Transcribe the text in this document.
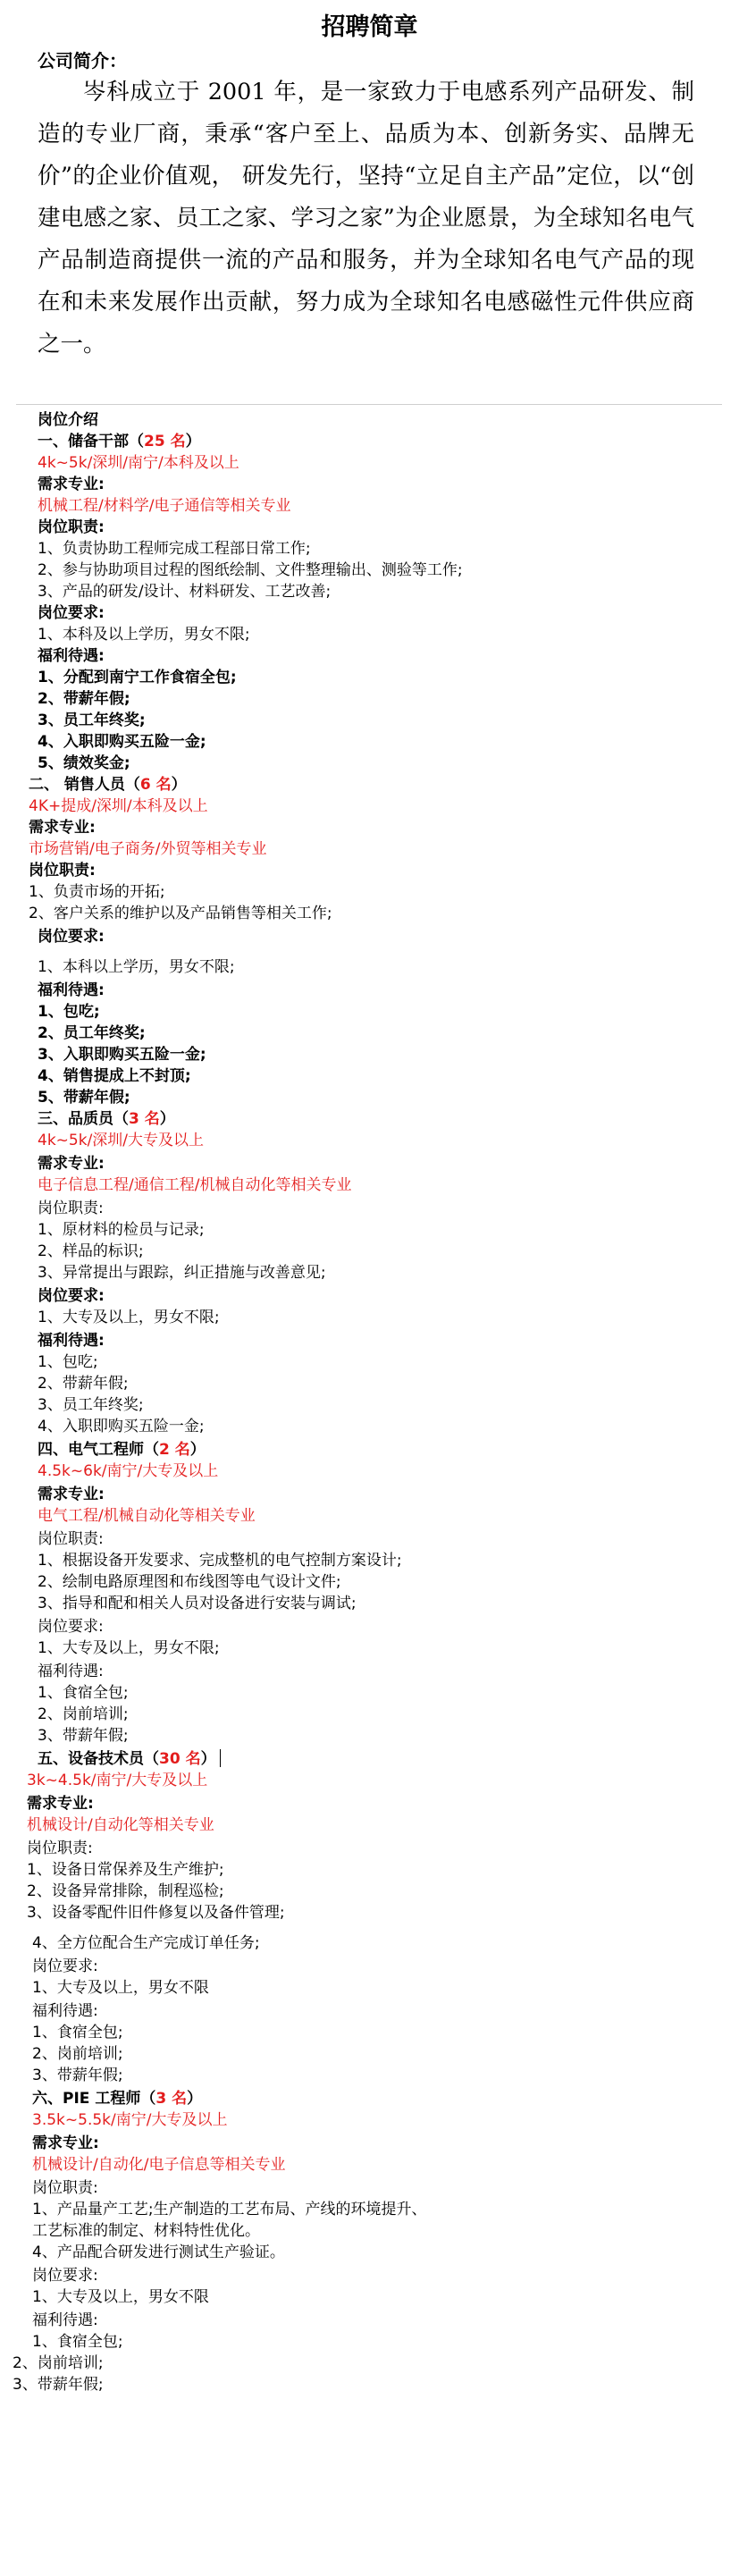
招聘简章
公司简介：
岑科成立于 2001 年，是一家致力于电感系列产品研发、制造的专业厂商，秉承“客户至上、品质为本、创新务实、品牌无价”的企业价值观， 研发先行，坚持“立足自主产品”定位，以“创建电感之家、员工之家、学习之家”为企业愿景，为全球知名电气产品制造商提供一流的产品和服务，并为全球知名电气产品的现在和未来发展作出贡献，努力成为全球知名电感磁性元件供应商之一。
岗位介绍
一、储备干部（25 名）
4k~5k/深圳/南宁/本科及以上
需求专业:
机械工程/材料学/电子通信等相关专业
岗位职责:
1、负责协助工程师完成工程部日常工作;
2、参与协助项目过程的图纸绘制、文件整理输出、测验等工作;
3、产品的研发/设计、材料研发、工艺改善;
岗位要求:
1、本科及以上学历，男女不限;
福利待遇:
1、分配到南宁工作食宿全包;
2、带薪年假;
3、员工年终奖;
4、入职即购买五险一金;
5、绩效奖金;
二、 销售人员（6 名）
4K+提成/深圳/本科及以上
需求专业:
市场营销/电子商务/外贸等相关专业
岗位职责:
1、负责市场的开拓;
2、客户关系的维护以及产品销售等相关工作;
岗位要求:
1、本科以上学历，男女不限;
福利待遇:
1、包吃;
2、员工年终奖;
3、入职即购买五险一金;
4、销售提成上不封顶;
5、带薪年假;
三、品质员（3 名）
4k~5k/深圳/大专及以上
需求专业:
电子信息工程/通信工程/机械自动化等相关专业
岗位职责:
1、原材料的检员与记录;
2、样品的标识;
3、异常提出与跟踪，纠正措施与改善意见;
岗位要求:
1、大专及以上，男女不限;
福利待遇:
1、包吃;
2、带薪年假;
3、员工年终奖;
4、入职即购买五险一金;
四、电气工程师（2 名）
4.5k~6k/南宁/大专及以上
需求专业:
电气工程/机械自动化等相关专业
岗位职责:
1、根据设备开发要求、完成整机的电气控制方案设计;
2、绘制电路原理图和布线图等电气设计文件;
3、指导和配和相关人员对设备进行安装与调试;
岗位要求:
1、大专及以上，男女不限;
福利待遇:
1、食宿全包;
2、岗前培训;
3、带薪年假;
五、设备技术员（30 名）
3k~4.5k/南宁/大专及以上
需求专业:
机械设计/自动化等相关专业
岗位职责:
1、设备日常保养及生产维护;
2、设备异常排除，制程巡检;
3、设备零配件旧件修复以及备件管理;
4、全方位配合生产完成订单任务;
岗位要求:
1、大专及以上，男女不限
福利待遇:
1、食宿全包;
2、岗前培训;
3、带薪年假;
六、PIE 工程师（3 名）
3.5k~5.5k/南宁/大专及以上
需求专业:
机械设计/自动化/电子信息等相关专业
岗位职责:
1、产品量产工艺;生产制造的工艺布局、产线的环境提升、
工艺标准的制定、材料特性优化。
4、产品配合研发进行测试生产验证。
岗位要求:
1、大专及以上，男女不限
福利待遇:
1、食宿全包;
2、岗前培训;
3、带薪年假;
